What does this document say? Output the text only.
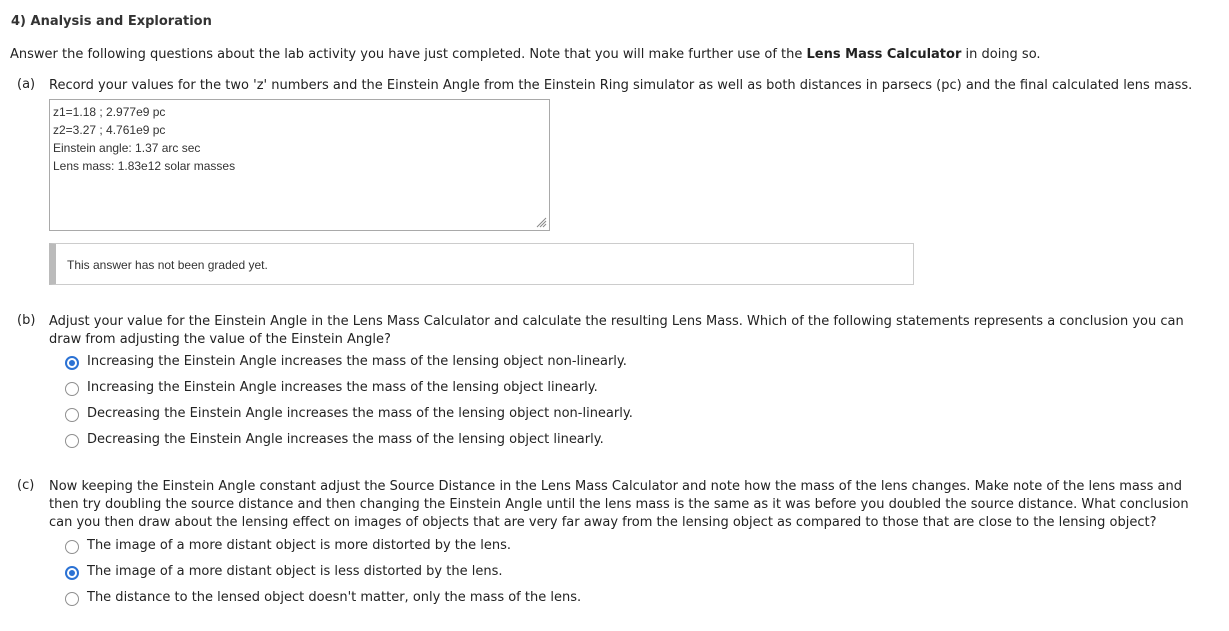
4) Analysis and Exploration
Answer the following questions about the lab activity you have just completed. Note that you will make further use of the Lens Mass Calculator in doing so.
(a) Record your values for the two 'z' numbers and the Einstein Angle from the Einstein Ring simulator as well as both distances in parsecs (pc) and the final calculated lens mass.
z1=1.18 ; 2.977e9 pc
z2=3.27 ; 4.761e9 pc
Einstein angle: 1.37 arc sec
Lens mass: 1.83e12 solar masses
This answer has not been graded yet.
(b) Adjust your value for the Einstein Angle in the Lens Mass Calculator and calculate the resulting Lens Mass. Which of the following statements represents a conclusion you can draw from adjusting the value of the Einstein Angle?
Increasing the Einstein Angle increases the mass of the lensing object non-linearly.
Increasing the Einstein Angle increases the mass of the lensing object linearly.
Decreasing the Einstein Angle increases the mass of the lensing object non-linearly.
Decreasing the Einstein Angle increases the mass of the lensing object linearly.
(c) Now keeping the Einstein Angle constant adjust the Source Distance in the Lens Mass Calculator and note how the mass of the lens changes. Make note of the lens mass and then try doubling the source distance and then changing the Einstein Angle until the lens mass is the same as it was before you doubled the source distance. What conclusion can you then draw about the lensing effect on images of objects that are very far away from the lensing object as compared to those that are close to the lensing object?
The image of a more distant object is more distorted by the lens.
The image of a more distant object is less distorted by the lens.
The distance to the lensed object doesn't matter, only the mass of the lens.
